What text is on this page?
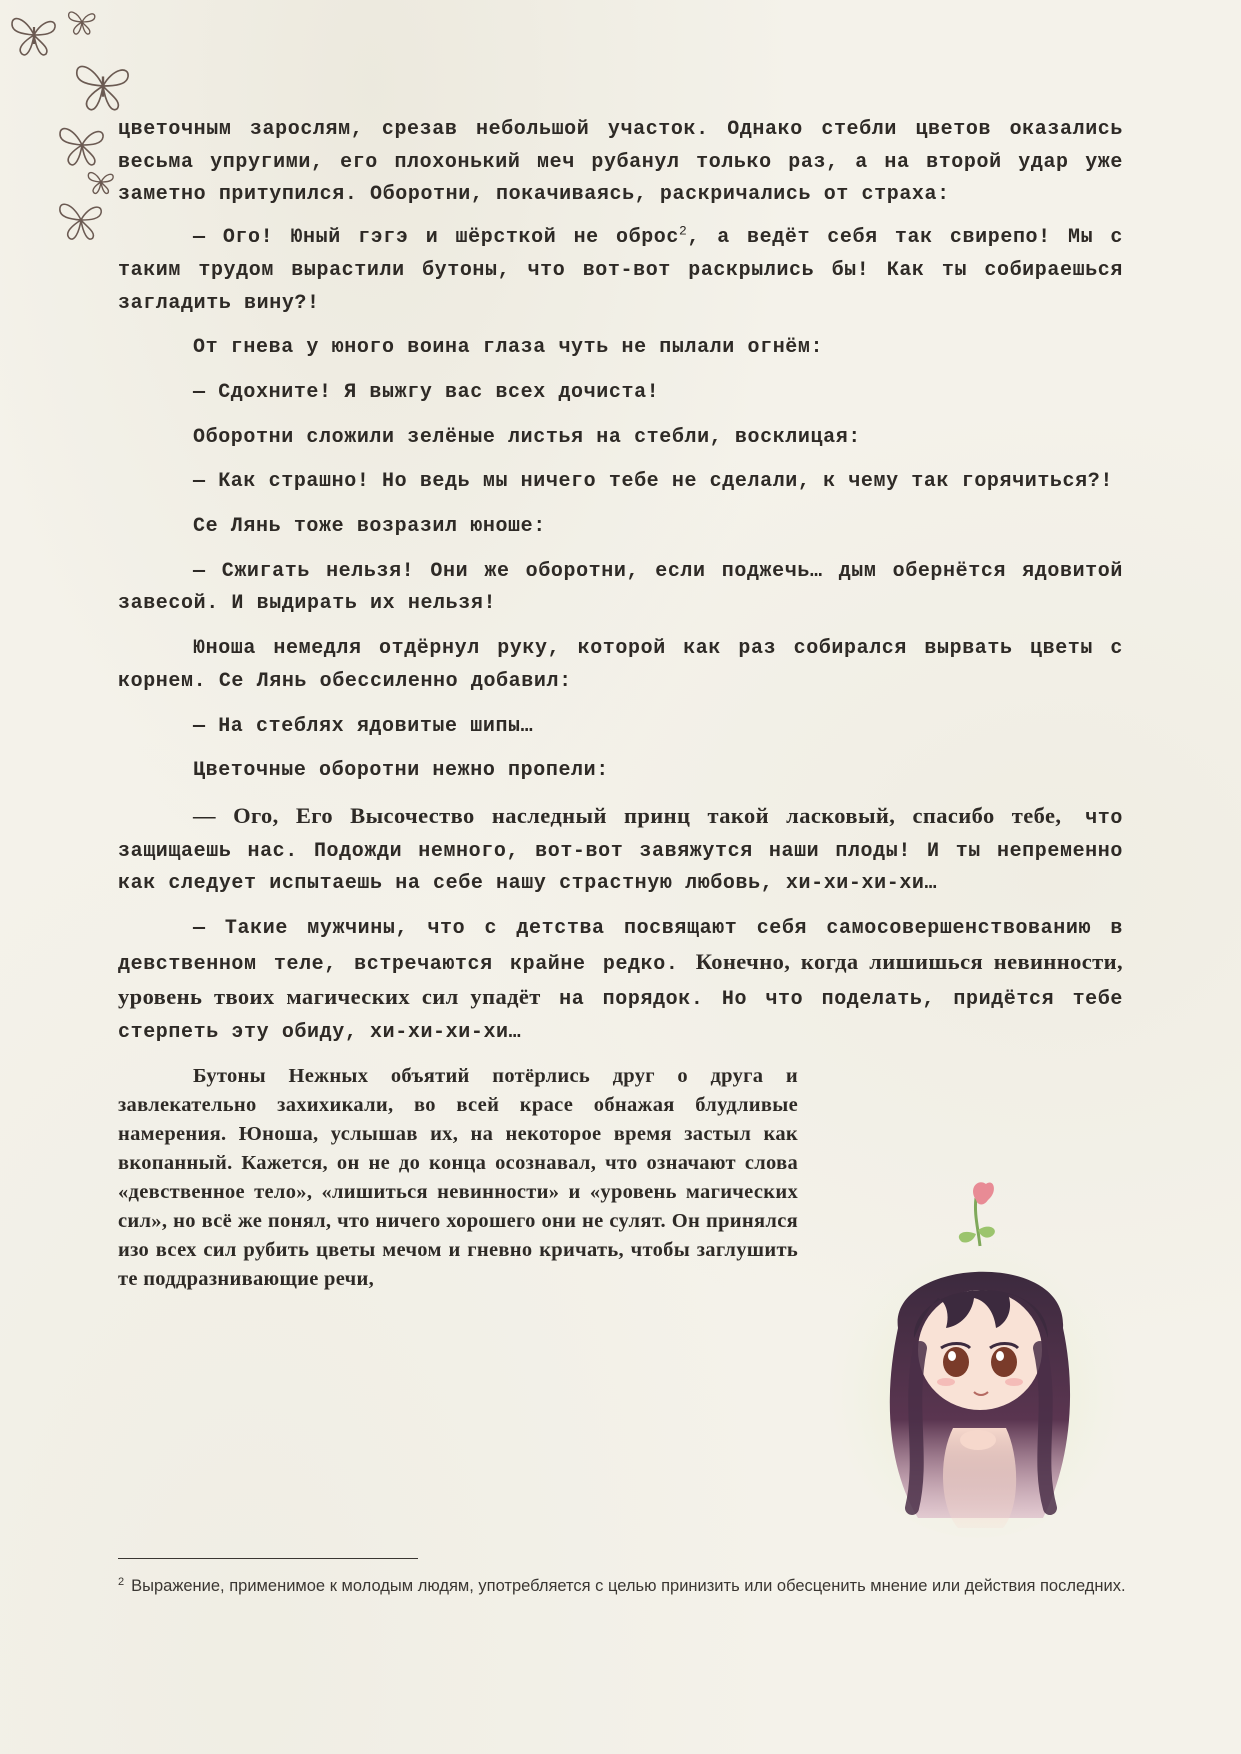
цветочным зарослям, срезав небольшой участок. Однако стебли цветов оказались весьма упругими, его плохонький меч рубанул только раз, а на второй удар уже заметно притупился. Оборотни, покачиваясь, раскричались от страха:

— Ого! Юный гэгэ и шёрсткой не оброс$^2$, а ведёт себя так свирепо! Мы с таким трудом вырастили бутоны, что вот-вот раскрылись бы! Как ты собираешься загладить вину?!

От гнева у юного воина глаза чуть не пылали огнём:

— Сдохните! Я выжгу вас всех дочиста!

Оборотни сложили зелёные листья на стебли, восклицая:

— Как страшно! Но ведь мы ничего тебе не сделали, к чему так горячиться?!

Се Лянь тоже возразил юноше:

— Сжигать нельзя! Они же оборотни, если поджечь… дым обернётся ядовитой завесой. И выдирать их нельзя!

Юноша немедля отдёрнул руку, которой как раз собирался вырвать цветы с корнем. Се Лянь обессиленно добавил:

— На стеблях ядовитые шипы…

Цветочные оборотни нежно пропели:

— Ого, Его Высочество наследный принц такой ласковый, спасибо тебе, что защищаешь нас. Подожди немного, вот-вот завяжутся наши плоды! И ты непременно как следует испытаешь на себе нашу страстную любовь, хи-хи-хи-хи…

— Такие мужчины, что с детства посвящают себя самосовершенствованию в девственном теле, встречаются крайне редко. Конечно, когда лишишься невинности, уровень твоих магических сил упадёт на порядок. Но что поделать, придётся тебе стерпеть эту обиду, хи-хи-хи-хи…

Бутоны Нежных объятий потёрлись друг о друга и завлекательно захихикали, во всей красе обнажая блудливые намерения. Юноша, услышав их, на некоторое время застыл как вкопанный. Кажется, он не до конца осознавал, что означают слова «девственное тело», «лишиться невинности» и «уровень магических сил», но всё же понял, что ничего хорошего они не сулят. Он принялся изо всех сил рубить цветы мечом и гневно кричать, чтобы заглушить те поддразнивающие речи,

$^2$ Выражение, применимое к молодым людям, употребляется с целью принизить или обесценить мнение или действия последних.
